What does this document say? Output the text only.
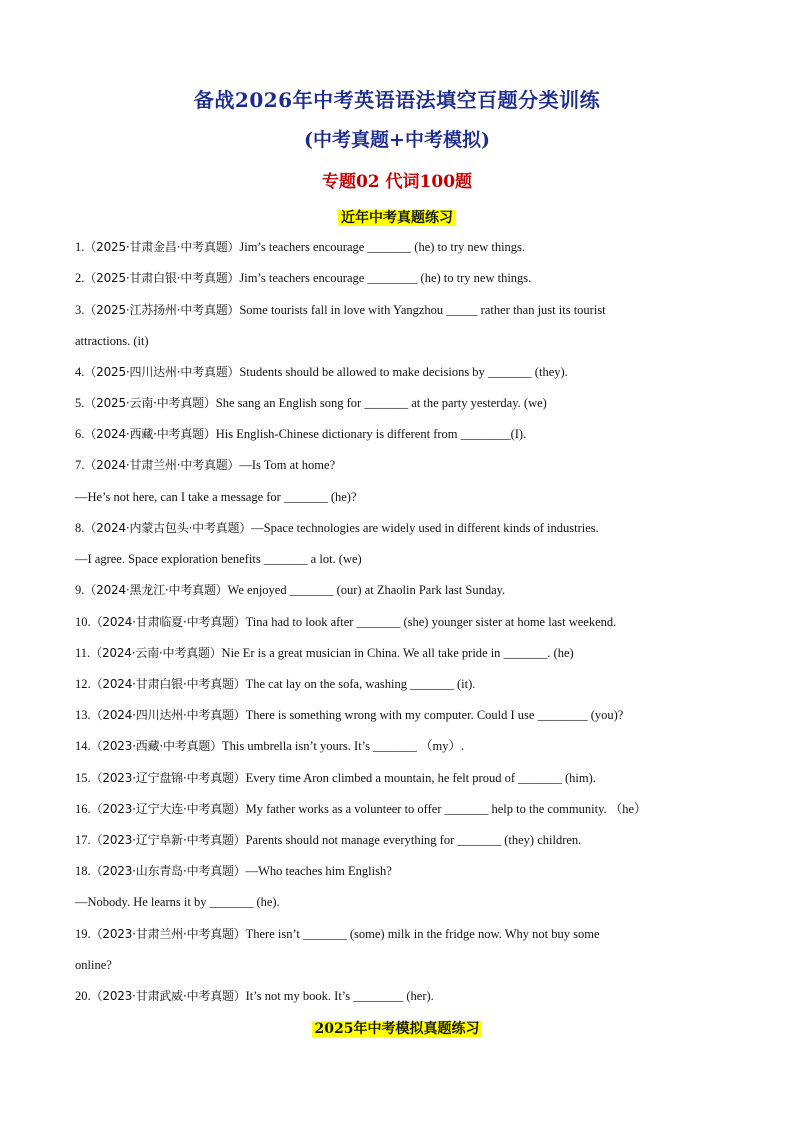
备战2026年中考英语语法填空百题分类训练
(中考真题+中考模拟)
专题02 代词100题
近年中考真题练习
1.（2025·甘肃金昌·中考真题）Jim’s teachers encourage _______ (he) to try new things.
2.（2025·甘肃白银·中考真题）Jim’s teachers encourage ________ (he) to try new things.
3.（2025·江苏扬州·中考真题）Some tourists fall in love with Yangzhou _____ rather than just its tourist
attractions. (it)
4.（2025·四川达州·中考真题）Students should be allowed to make decisions by _______ (they).
5.（2025·云南·中考真题）She sang an English song for _______ at the party yesterday. (we)
6.（2024·西藏·中考真题）His English-Chinese dictionary is different from ________(I).
7.（2024·甘肃兰州·中考真题）—Is Tom at home?
—He’s not here, can I take a message for _______ (he)?
8.（2024·内蒙古包头·中考真题）—Space technologies are widely used in different kinds of industries.
—I agree. Space exploration benefits _______ a lot. (we)
9.（2024·黑龙江·中考真题）We enjoyed _______ (our) at Zhaolin Park last Sunday.
10.（2024·甘肃临夏·中考真题）Tina had to look after _______ (she) younger sister at home last weekend.
11.（2024·云南·中考真题）Nie Er is a great musician in China. We all take pride in _______. (he)
12.（2024·甘肃白银·中考真题）The cat lay on the sofa, washing _______ (it).
13.（2024·四川达州·中考真题）There is something wrong with my computer. Could I use ________ (you)?
14.（2023·西藏·中考真题）This umbrella isn’t yours. It’s _______ （my）.
15.（2023·辽宁盘锦·中考真题）Every time Aron climbed a mountain, he felt proud of _______ (him).
16.（2023·辽宁大连·中考真题）My father works as a volunteer to offer _______ help to the community. （he）
17.（2023·辽宁阜新·中考真题）Parents should not manage everything for _______ (they) children.
18.（2023·山东青岛·中考真题）—Who teaches him English?
—Nobody. He learns it by _______ (he).
19.（2023·甘肃兰州·中考真题）There isn’t _______ (some) milk in the fridge now. Why not buy some
online?
20.（2023·甘肃武威·中考真题）It’s not my book. It’s ________ (her).
2025年中考模拟真题练习
